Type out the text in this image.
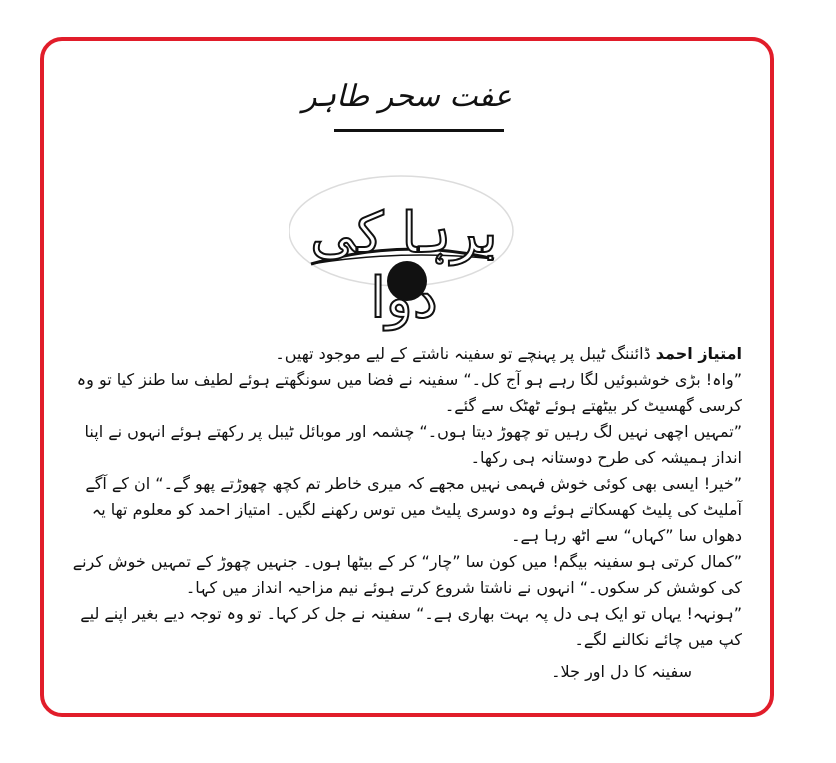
عفت سحر طاہر
برہا کی دوا

امتیاز احمد ڈائننگ ٹیبل پر پہنچے تو سفینہ ناشتے کے لیے موجود تھیں۔

”واہ! بڑی خوشبوئیں لگا رہے ہو آج کل۔“ سفینہ نے فضا میں سونگھتے ہوئے لطیف سا طنز کیا تو وہ کرسی گھسیٹ کر بیٹھتے ہوئے ٹھٹک سے گئے۔

”تمہیں اچھی نہیں لگ رہیں تو چھوڑ دیتا ہوں۔“ چشمہ اور موبائل ٹیبل پر رکھتے ہوئے انہوں نے اپنا انداز ہمیشہ کی طرح دوستانہ ہی رکھا۔

”خیر! ایسی بھی کوئی خوش فہمی نہیں مجھے کہ میری خاطر تم کچھ چھوڑتے پھو گے۔“ ان کے آگے آملیٹ کی پلیٹ کھسکاتے ہوئے وہ دوسری پلیٹ میں توس رکھنے لگیں۔ امتیاز احمد کو معلوم تھا یہ دھواں سا ”کہاں“ سے اٹھ رہا ہے۔

”کمال کرتی ہو سفینہ بیگم! میں کون سا ”چار“ کر کے بیٹھا ہوں۔ جنہیں چھوڑ کے تمہیں خوش کرنے کی کوشش کر سکوں۔“ انہوں نے ناشتا شروع کرتے ہوئے نیم مزاحیہ انداز میں کہا۔

”ہونہہ! یہاں تو ایک ہی دل پہ بہت بھاری ہے۔“ سفینہ نے جل کر کہا۔ تو وہ توجہ دیے بغیر اپنے لیے کپ میں چائے نکالنے لگے۔

سفینہ کا دل اور جلا۔
